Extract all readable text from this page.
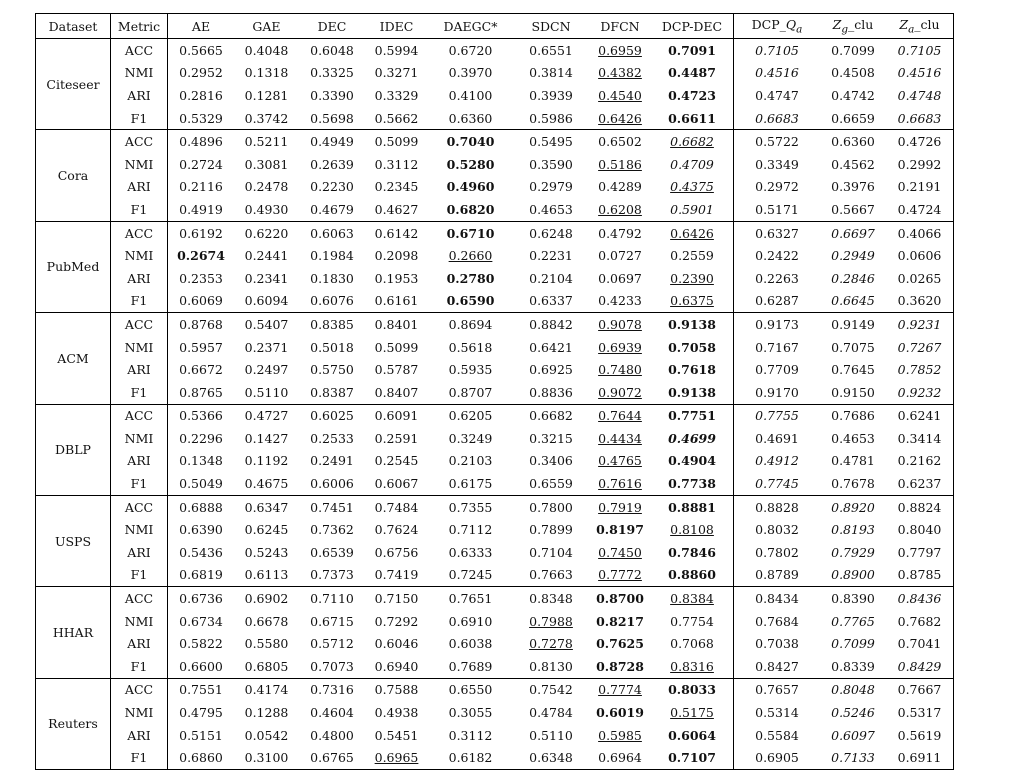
Dataset	Metric	AE	GAE	DEC	IDEC	DAEGC*	SDCN	DFCN	DCP-DEC	$DCP\_Q_a$	$Z_g\_clu$	$Z_a\_clu$
Citeseer	ACC	0.5665	0.4048	0.6048	0.5994	0.6720	0.6551	0.6959	0.7091	0.7105	0.7099	0.7105
	NMI	0.2952	0.1318	0.3325	0.3271	0.3970	0.3814	0.4382	0.4487	0.4516	0.4508	0.4516
	ARI	0.2816	0.1281	0.3390	0.3329	0.4100	0.3939	0.4540	0.4723	0.4747	0.4742	0.4748
	F1	0.5329	0.3742	0.5698	0.5662	0.6360	0.5986	0.6426	0.6611	0.6683	0.6659	0.6683
Cora	ACC	0.4896	0.5211	0.4949	0.5099	0.7040	0.5495	0.6502	0.6682	0.5722	0.6360	0.4726
	NMI	0.2724	0.3081	0.2639	0.3112	0.5280	0.3590	0.5186	0.4709	0.3349	0.4562	0.2992
	ARI	0.2116	0.2478	0.2230	0.2345	0.4960	0.2979	0.4289	0.4375	0.2972	0.3976	0.2191
	F1	0.4919	0.4930	0.4679	0.4627	0.6820	0.4653	0.6208	0.5901	0.5171	0.5667	0.4724
PubMed	ACC	0.6192	0.6220	0.6063	0.6142	0.6710	0.6248	0.4792	0.6426	0.6327	0.6697	0.4066
	NMI	0.2674	0.2441	0.1984	0.2098	0.2660	0.2231	0.0727	0.2559	0.2422	0.2949	0.0606
	ARI	0.2353	0.2341	0.1830	0.1953	0.2780	0.2104	0.0697	0.2390	0.2263	0.2846	0.0265
	F1	0.6069	0.6094	0.6076	0.6161	0.6590	0.6337	0.4233	0.6375	0.6287	0.6645	0.3620
ACM	ACC	0.8768	0.5407	0.8385	0.8401	0.8694	0.8842	0.9078	0.9138	0.9173	0.9149	0.9231
	NMI	0.5957	0.2371	0.5018	0.5099	0.5618	0.6421	0.6939	0.7058	0.7167	0.7075	0.7267
	ARI	0.6672	0.2497	0.5750	0.5787	0.5935	0.6925	0.7480	0.7618	0.7709	0.7645	0.7852
	F1	0.8765	0.5110	0.8387	0.8407	0.8707	0.8836	0.9072	0.9138	0.9170	0.9150	0.9232
DBLP	ACC	0.5366	0.4727	0.6025	0.6091	0.6205	0.6682	0.7644	0.7751	0.7755	0.7686	0.6241
	NMI	0.2296	0.1427	0.2533	0.2591	0.3249	0.3215	0.4434	0.4699	0.4691	0.4653	0.3414
	ARI	0.1348	0.1192	0.2491	0.2545	0.2103	0.3406	0.4765	0.4904	0.4912	0.4781	0.2162
	F1	0.5049	0.4675	0.6006	0.6067	0.6175	0.6559	0.7616	0.7738	0.7745	0.7678	0.6237
USPS	ACC	0.6888	0.6347	0.7451	0.7484	0.7355	0.7800	0.7919	0.8881	0.8828	0.8920	0.8824
	NMI	0.6390	0.6245	0.7362	0.7624	0.7112	0.7899	0.8197	0.8108	0.8032	0.8193	0.8040
	ARI	0.5436	0.5243	0.6539	0.6756	0.6333	0.7104	0.7450	0.7846	0.7802	0.7929	0.7797
	F1	0.6819	0.6113	0.7373	0.7419	0.7245	0.7663	0.7772	0.8860	0.8789	0.8900	0.8785
HHAR	ACC	0.6736	0.6902	0.7110	0.7150	0.7651	0.8348	0.8700	0.8384	0.8434	0.8390	0.8436
	NMI	0.6734	0.6678	0.6715	0.7292	0.6910	0.7988	0.8217	0.7754	0.7684	0.7765	0.7682
	ARI	0.5822	0.5580	0.5712	0.6046	0.6038	0.7278	0.7625	0.7068	0.7038	0.7099	0.7041
	F1	0.6600	0.6805	0.7073	0.6940	0.7689	0.8130	0.8728	0.8316	0.8427	0.8339	0.8429
Reuters	ACC	0.7551	0.4174	0.7316	0.7588	0.6550	0.7542	0.7774	0.8033	0.7657	0.8048	0.7667
	NMI	0.4795	0.1288	0.4604	0.4938	0.3055	0.4784	0.6019	0.5175	0.5314	0.5246	0.5317
	ARI	0.5151	0.0542	0.4800	0.5451	0.3112	0.5110	0.5985	0.6064	0.5584	0.6097	0.5619
	F1	0.6860	0.3100	0.6765	0.6965	0.6182	0.6348	0.6964	0.7107	0.6905	0.7133	0.6911
